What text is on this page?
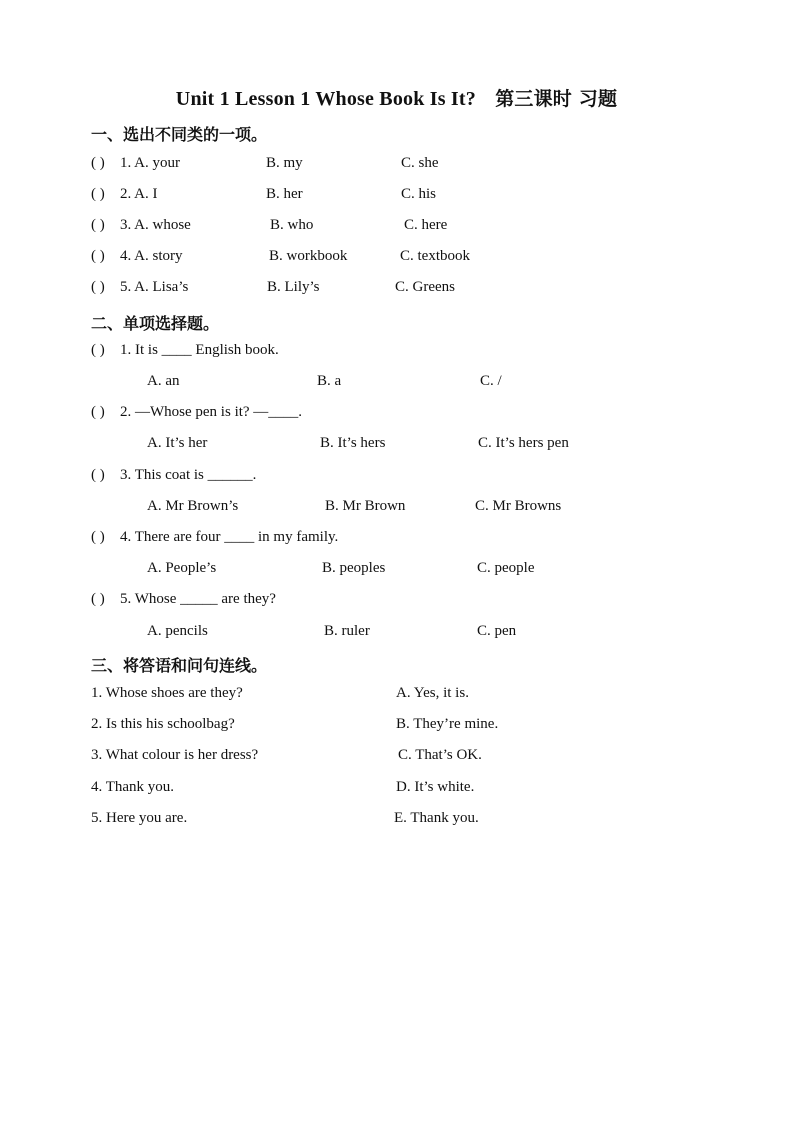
Unit 1 Lesson 1 Whose Book Is It? 第三课时 习题
一、选出不同类的一项。
( ) 1. A. your	B. my	C. she
( ) 2. A. I	B. her	C. his
( ) 3. A. whose	B. who	C. here
( ) 4. A. story	B. workbook	C. textbook
( ) 5. A. Lisa’s	B. Lily’s	C. Greens
二、单项选择题。
( ) 1. It is ____ English book.
A. an	B. a	C. /
( ) 2. —Whose pen is it? —____.
A. It’s her	B. It’s hers	C. It’s hers pen
( ) 3. This coat is ______.
A. Mr Brown’s	B. Mr Brown	C. Mr Browns
( ) 4. There are four ____ in my family.
A. People’s	B. peoples	C. people
( ) 5. Whose _____ are they?
A. pencils	B. ruler	C. pen
三、将答语和问句连线。
1. Whose shoes are they?	A. Yes, it is.
2. Is this his schoolbag?	B. They’re mine.
3. What colour is her dress?	C. That’s OK.
4. Thank you.	D. It’s white.
5. Here you are.	E. Thank you.
